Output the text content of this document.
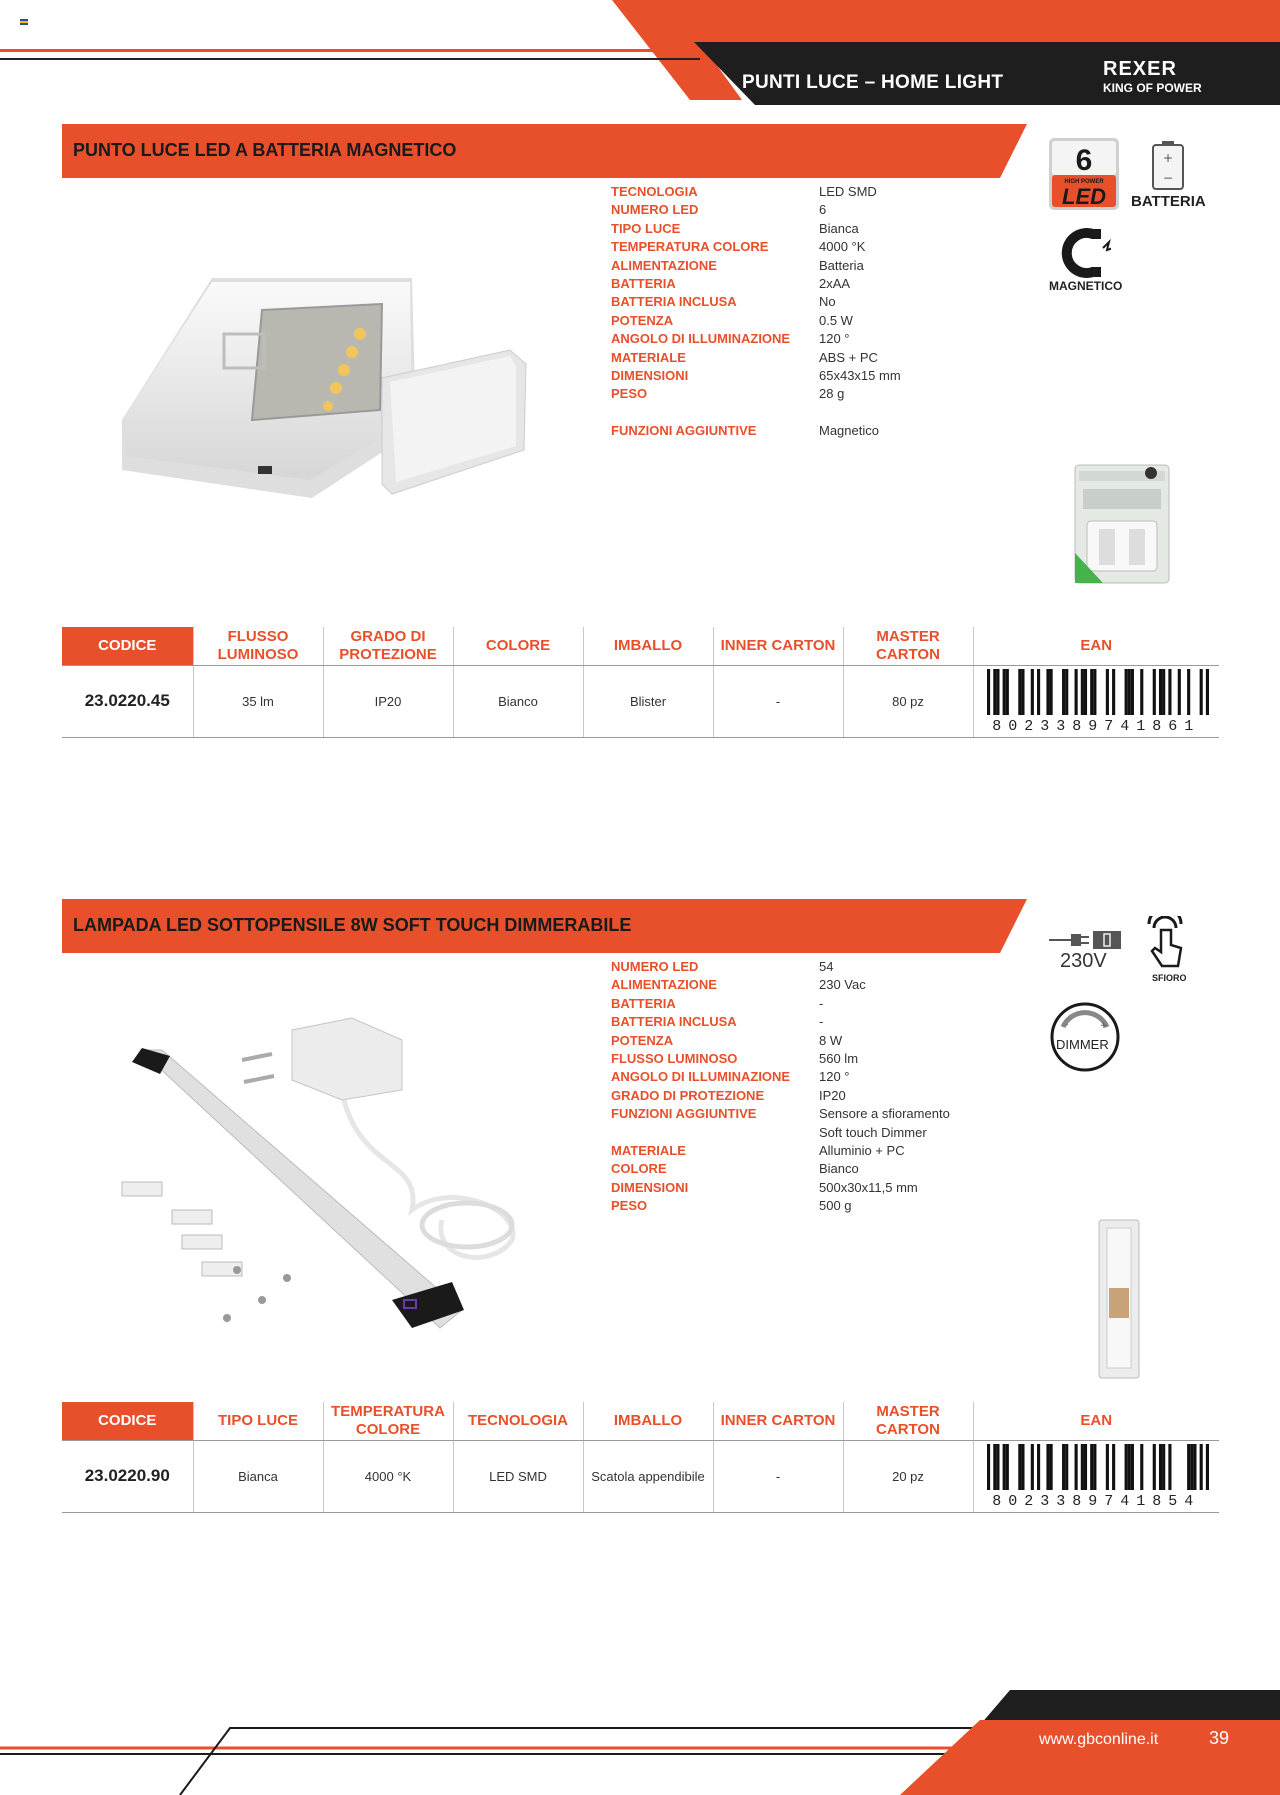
PUNTI LUCE – HOME LIGHT
REXER
KING OF POWER
PUNTO LUCE LED A BATTERIA MAGNETICO
TECNOLOGIA	LED SMD
NUMERO LED	6
TIPO LUCE	Bianca
TEMPERATURA COLORE	4000 °K
ALIMENTAZIONE	Batteria
BATTERIA	2xAA
BATTERIA INCLUSA	No
POTENZA	0.5 W
ANGOLO DI ILLUMINAZIONE	120 °
MATERIALE	ABS + PC
DIMENSIONI	65x43x15 mm
PESO	28 g
FUNZIONI AGGIUNTIVE	Magnetico
6
HIGH POWER
LED
+
−
BATTERIA
MAGNETICO
CODICE	FLUSSO LUMINOSO	GRADO DI PROTEZIONE	COLORE	IMBALLO	INNER CARTON	MASTER CARTON	EAN
23.0220.45	35 lm	IP20	Bianco	Blister	-	80 pz	8023389741861
LAMPADA LED SOTTOPENSILE 8W SOFT TOUCH DIMMERABILE
NUMERO LED	54
ALIMENTAZIONE	230 Vac
BATTERIA	-
BATTERIA INCLUSA	-
POTENZA	8 W
FLUSSO LUMINOSO	560 lm
ANGOLO DI ILLUMINAZIONE	120 °
GRADO DI PROTEZIONE	IP20
FUNZIONI AGGIUNTIVE	Sensore a sfioramento
Soft touch Dimmer
MATERIALE	Alluminio + PC
COLORE	Bianco
DIMENSIONI	500x30x11,5 mm
PESO	500 g
230V
SFIORO
-	+
DIMMER
CODICE	TIPO LUCE	TEMPERATURA COLORE	TECNOLOGIA	IMBALLO	INNER CARTON	MASTER CARTON	EAN
23.0220.90	Bianca	4000 °K	LED SMD	Scatola appendibile	-	20 pz	8023389741854
www.gbconline.it	39
